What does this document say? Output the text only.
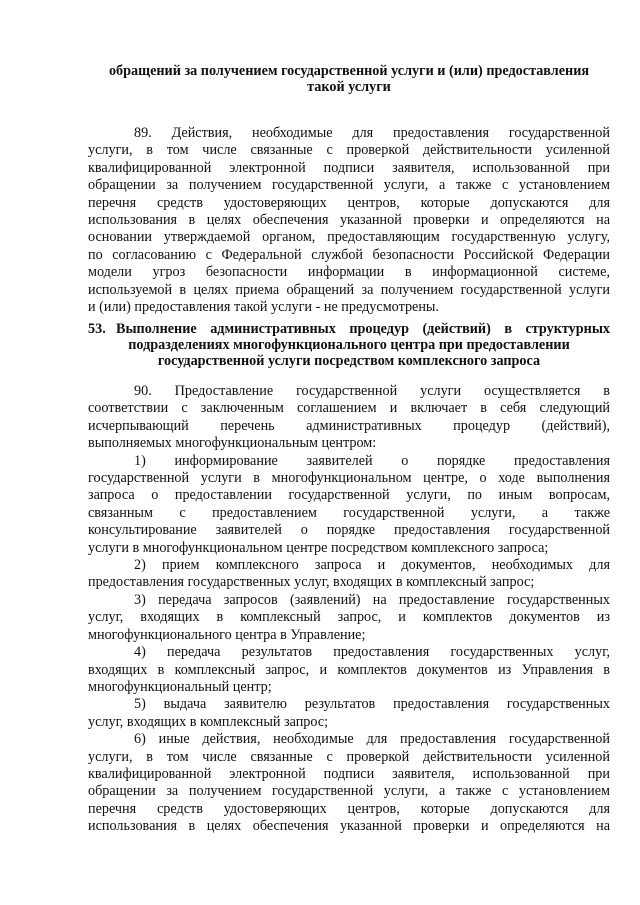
обращений за получением государственной услуги и (или) предоставления
такой услуги
89. Действия, необходимые для предоставления государственной
услуги, в том числе связанные с проверкой действительности усиленной
квалифицированной электронной подписи заявителя, использованной при
обращении за получением государственной услуги, а также с установлением
перечня средств удостоверяющих центров, которые допускаются для
использования в целях обеспечения указанной проверки и определяются на
основании утверждаемой органом, предоставляющим государственную услугу,
по согласованию с Федеральной службой безопасности Российской Федерации
модели угроз безопасности информации в информационной системе,
используемой в целях приема обращений за получением государственной услуги
и (или) предоставления такой услуги - не предусмотрены.
53. Выполнение административных процедур (действий) в структурных
подразделениях многофункционального центра при предоставлении
государственной услуги посредством комплексного запроса
90. Предоставление государственной услуги осуществляется в
соответствии с заключенным соглашением и включает в себя следующий
исчерпывающий перечень административных процедур (действий),
выполняемых многофункциональным центром:
1) информирование заявителей о порядке предоставления
государственной услуги в многофункциональном центре, о ходе выполнения
запроса о предоставлении государственной услуги, по иным вопросам,
связанным с предоставлением государственной услуги, а также
консультирование заявителей о порядке предоставления государственной
услуги в многофункциональном центре посредством комплексного запроса;
2) прием комплексного запроса и документов, необходимых для
предоставления государственных услуг, входящих в комплексный запрос;
3) передача запросов (заявлений) на предоставление государственных
услуг, входящих в комплексный запрос, и комплектов документов из
многофункционального центра в Управление;
4) передача результатов предоставления государственных услуг,
входящих в комплексный запрос, и комплектов документов из Управления в
многофункциональный центр;
5) выдача заявителю результатов предоставления государственных
услуг, входящих в комплексный запрос;
6) иные действия, необходимые для предоставления государственной
услуги, в том числе связанные с проверкой действительности усиленной
квалифицированной электронной подписи заявителя, использованной при
обращении за получением государственной услуги, а также с установлением
перечня средств удостоверяющих центров, которые допускаются для
использования в целях обеспечения указанной проверки и определяются на
